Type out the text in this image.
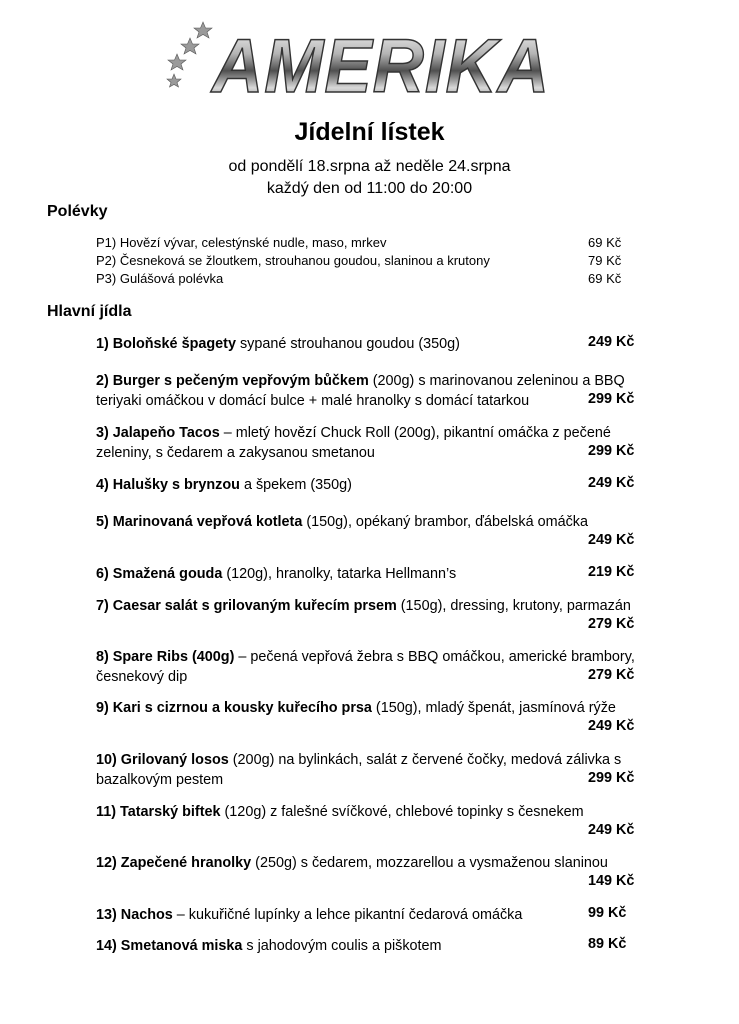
AMERIKA
Jídelní lístek
od pondělí 18.srpna až neděle 24.srpna
každý den od 11:00 do 20:00
Polévky
P1) Hovězí vývar, celestýnské nudle, maso, mrkev	69 Kč
P2) Česneková se žloutkem, strouhanou goudou, slaninou a krutony	79 Kč
P3) Gulášová polévka	69 Kč
Hlavní jídla
1) Boloňské špagety sypané strouhanou goudou (350g)	249 Kč
2) Burger s pečeným vepřovým bůčkem (200g) s marinovanou zeleninou a BBQ teriyaki omáčkou v domácí bulce + malé hranolky s domácí tatarkou	299 Kč
3) Jalapeňo Tacos – mletý hovězí Chuck Roll (200g), pikantní omáčka z pečené zeleniny, s čedarem a zakysanou smetanou	299 Kč
4) Halušky s brynzou a špekem (350g)	249 Kč
5) Marinovaná vepřová kotleta (150g), opékaný brambor, ďábelská omáčka
249 Kč
6) Smažená gouda (120g), hranolky, tatarka Hellmann’s	219 Kč
7) Caesar salát s grilovaným kuřecím prsem (150g), dressing, krutony, parmazán
279 Kč
8) Spare Ribs (400g) – pečená vepřová žebra s BBQ omáčkou, americké brambory, česnekový dip	279 Kč
9) Kari s cizrnou a kousky kuřecího prsa (150g), mladý špenát, jasmínová rýže
249 Kč
10) Grilovaný losos (200g) na bylinkách, salát z červené čočky, medová zálivka s bazalkovým pestem	299 Kč
11) Tatarský biftek (120g) z falešné svíčkové, chlebové topinky s česnekem
249 Kč
12) Zapečené hranolky (250g) s čedarem, mozzarellou a vysmaženou slaninou
149 Kč
13) Nachos – kukuřičné lupínky a lehce pikantní čedarová omáčka	99 Kč
14) Smetanová miska s jahodovým coulis a piškotem	89 Kč
